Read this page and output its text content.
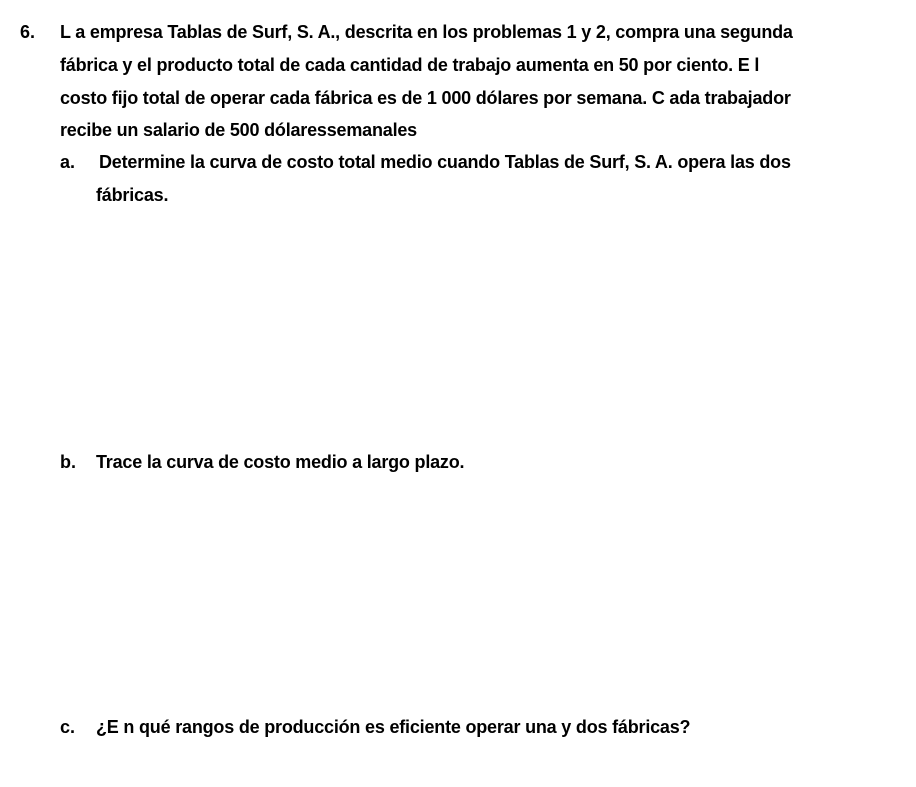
6. L a empresa Tablas de Surf, S. A., descrita en los problemas 1 y 2, compra una segunda
fábrica y el producto total de cada cantidad de trabajo aumenta en 50 por ciento. E l
costo fijo total de operar cada fábrica es de 1 000 dólares por semana. C ada trabajador
recibe un salario de 500 dólaressemanales
a. Determine la curva de costo total medio cuando Tablas de Surf, S. A. opera las dos
fábricas.
b. Trace la curva de costo medio a largo plazo.
c. ¿E n qué rangos de producción es eficiente operar una y dos fábricas?
